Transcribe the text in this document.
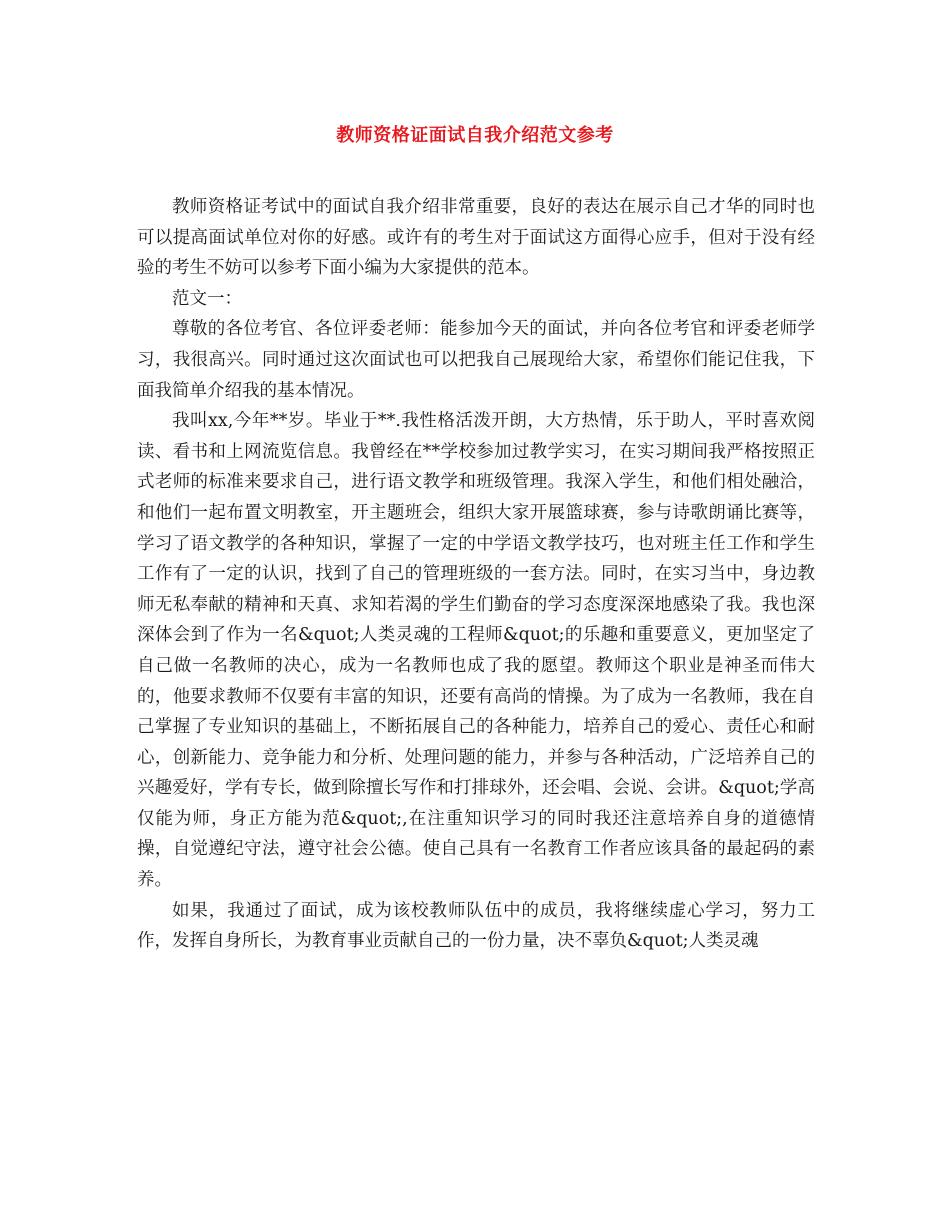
教师资格证面试自我介绍范文参考

教师资格证考试中的面试自我介绍非常重要，良好的表达在展示自己才华的同时也可以提高面试单位对你的好感。或许有的考生对于面试这方面得心应手，但对于没有经验的考生不妨可以参考下面小编为大家提供的范本。

范文一：

尊敬的各位考官、各位评委老师：能参加今天的面试，并向各位考官和评委老师学习，我很高兴。同时通过这次面试也可以把我自己展现给大家，希望你们能记住我，下面我简单介绍我的基本情况。

我叫xx,今年**岁。毕业于**.我性格活泼开朗，大方热情，乐于助人，平时喜欢阅读、看书和上网流览信息。我曾经在**学校参加过教学实习，在实习期间我严格按照正式老师的标准来要求自己，进行语文教学和班级管理。我深入学生，和他们相处融洽，和他们一起布置文明教室，开主题班会，组织大家开展篮球赛，参与诗歌朗诵比赛等，学习了语文教学的各种知识，掌握了一定的中学语文教学技巧，也对班主任工作和学生工作有了一定的认识，找到了自己的管理班级的一套方法。同时，在实习当中，身边教师无私奉献的精神和天真、求知若渴的学生们勤奋的学习态度深深地感染了我。我也深深体会到了作为一名&quot;人类灵魂的工程师&quot;的乐趣和重要意义，更加坚定了自己做一名教师的决心，成为一名教师也成了我的愿望。教师这个职业是神圣而伟大的，他要求教师不仅要有丰富的知识，还要有高尚的情操。为了成为一名教师，我在自己掌握了专业知识的基础上，不断拓展自己的各种能力，培养自己的爱心、责任心和耐心，创新能力、竞争能力和分析、处理问题的能力，并参与各种活动，广泛培养自己的兴趣爱好，学有专长，做到除擅长写作和打排球外，还会唱、会说、会讲。&quot;学高仅能为师，身正方能为范&quot;,在注重知识学习的同时我还注意培养自身的道德情操，自觉遵纪守法，遵守社会公德。使自己具有一名教育工作者应该具备的最起码的素养。

如果，我通过了面试，成为该校教师队伍中的成员，我将继续虚心学习，努力工作，发挥自身所长，为教育事业贡献自己的一份力量，决不辜负&quot;人类灵魂
